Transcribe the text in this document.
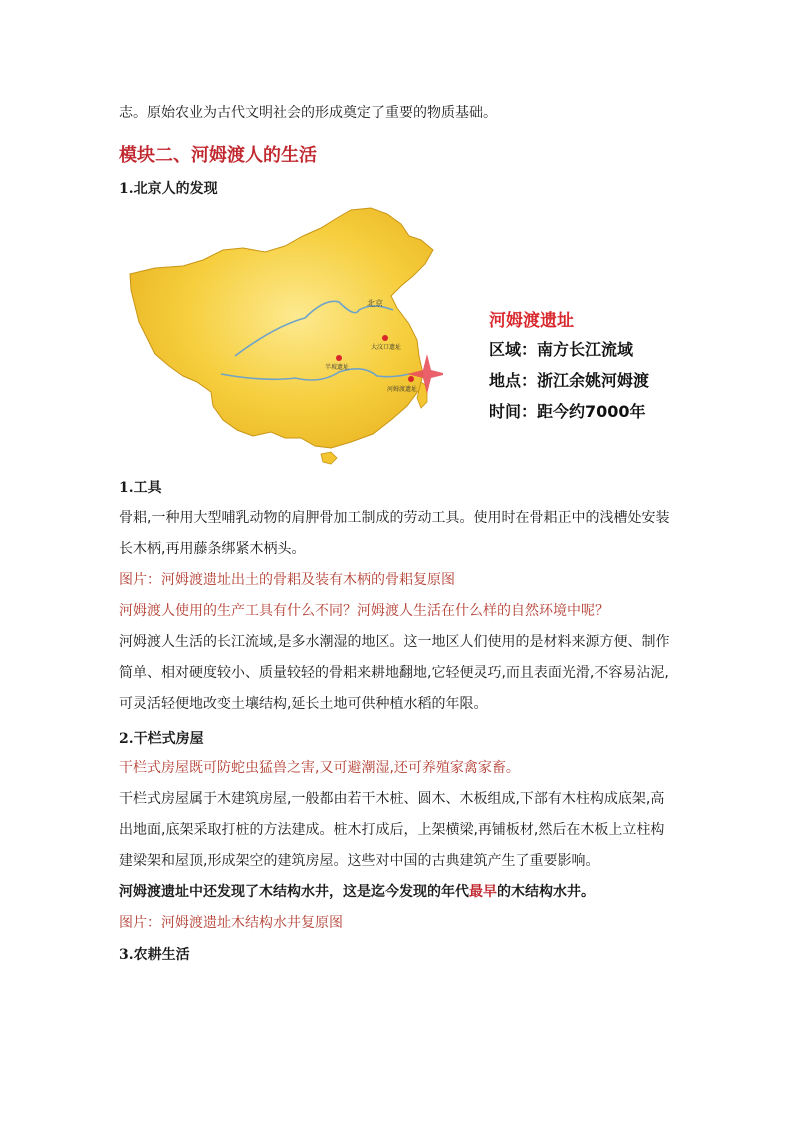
志。原始农业为古代文明社会的形成奠定了重要的物质基础。
模块二、河姆渡人的生活
1.北京人的发现
北京
大汶口遗址
半坡遗址
河姆渡遗址
河姆渡遗址
区域：南方长江流域
地点：浙江余姚河姆渡
时间：距今约7000年
1.工具
骨耜,一种用大型哺乳动物的肩胛骨加工制成的劳动工具。使用时在骨耜正中的浅槽处安装
长木柄,再用藤条绑紧木柄头。
图片：河姆渡遗址出土的骨耜及装有木柄的骨耜复原图
河姆渡人使用的生产工具有什么不同？河姆渡人生活在什么样的自然环境中呢？
河姆渡人生活的长江流域,是多水潮湿的地区。这一地区人们使用的是材料来源方便、制作
简单、相对硬度较小、质量较轻的骨耜来耕地翻地,它轻便灵巧,而且表面光滑,不容易沾泥,
可灵活轻便地改变土壤结构,延长土地可供种植水稻的年限。
2.干栏式房屋
干栏式房屋既可防蛇虫猛兽之害,又可避潮湿,还可养殖家禽家畜。
干栏式房屋属于木建筑房屋,一般都由若干木桩、圆木、木板组成,下部有木柱构成底架,高
出地面,底架采取打桩的方法建成。桩木打成后，上架横梁,再铺板材,然后在木板上立柱构
建梁架和屋顶,形成架空的建筑房屋。这些对中国的古典建筑产生了重要影响。
河姆渡遗址中还发现了木结构水井，这是迄今发现的年代最早的木结构水井。
图片：河姆渡遗址木结构水井复原图
3.农耕生活
